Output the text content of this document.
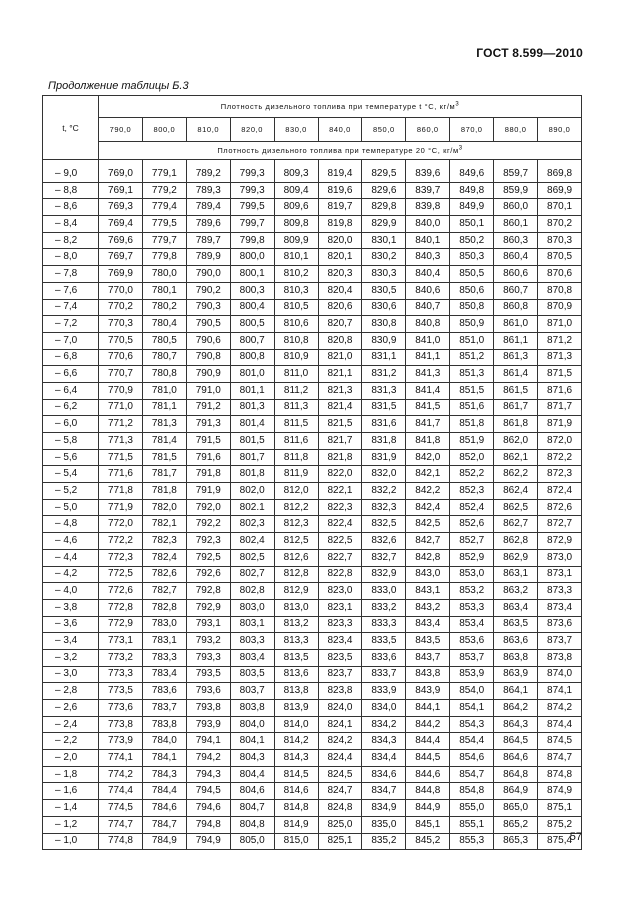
ГОСТ 8.599—2010
Продолжение таблицы Б.3
t, °C	Плотность дизельного топлива при температуре t °C, $кг/м^3$
	790,0	800,0	810,0	820,0	830,0	840,0	850,0	860,0	870,0	880,0	890,0
	Плотность дизельного топлива при температуре 20 °C, $кг/м^3$
– 9,0	769,0	779,1	789,2	799,3	809,3	819,4	829,5	839,6	849,6	859,7	869,8
– 8,8	769,1	779,2	789,3	799,3	809,4	819,6	829,6	839,7	849,8	859,9	869,9
– 8,6	769,3	779,4	789,4	799,5	809,6	819,7	829,8	839,8	849,9	860,0	870,1
– 8,4	769,4	779,5	789,6	799,7	809,8	819,8	829,9	840,0	850,1	860,1	870,2
– 8,2	769,6	779,7	789,7	799,8	809,9	820,0	830,1	840,1	850,2	860,3	870,3
– 8,0	769,7	779,8	789,9	800,0	810,1	820,1	830,2	840,3	850,3	860,4	870,5
– 7,8	769,9	780,0	790,0	800,1	810,2	820,3	830,3	840,4	850,5	860,6	870,6
– 7,6	770,0	780,1	790,2	800,3	810,3	820,4	830,5	840,6	850,6	860,7	870,8
– 7,4	770,2	780,2	790,3	800,4	810,5	820,6	830,6	840,7	850,8	860,8	870,9
– 7,2	770,3	780,4	790,5	800,5	810,6	820,7	830,8	840,8	850,9	861,0	871,0
– 7,0	770,5	780,5	790,6	800,7	810,8	820,8	830,9	841,0	851,0	861,1	871,2
– 6,8	770,6	780,7	790,8	800,8	810,9	821,0	831,1	841,1	851,2	861,3	871,3
– 6,6	770,7	780,8	790,9	801,0	811,0	821,1	831,2	841,3	851,3	861,4	871,5
– 6,4	770,9	781,0	791,0	801,1	811,2	821,3	831,3	841,4	851,5	861,5	871,6
– 6,2	771,0	781,1	791,2	801,3	811,3	821,4	831,5	841,5	851,6	861,7	871,7
– 6,0	771,2	781,3	791,3	801,4	811,5	821,5	831,6	841,7	851,8	861,8	871,9
– 5,8	771,3	781,4	791,5	801,5	811,6	821,7	831,8	841,8	851,9	862,0	872,0
– 5,6	771,5	781,5	791,6	801,7	811,8	821,8	831,9	842,0	852,0	862,1	872,2
– 5,4	771,6	781,7	791,8	801,8	811,9	822,0	832,0	842,1	852,2	862,2	872,3
– 5,2	771,8	781,8	791,9	802,0	812,0	822,1	832,2	842,2	852,3	862,4	872,4
– 5,0	771,9	782,0	792,0	802.1	812,2	822,3	832,3	842,4	852,4	862,5	872,6
– 4,8	772,0	782,1	792,2	802,3	812,3	822,4	832,5	842,5	852,6	862,7	872,7
– 4,6	772,2	782,3	792,3	802,4	812,5	822,5	832,6	842,7	852,7	862,8	872,9
– 4,4	772,3	782,4	792,5	802,5	812,6	822,7	832,7	842,8	852,9	862,9	873,0
– 4,2	772,5	782,6	792,6	802,7	812,8	822,8	832,9	843,0	853,0	863,1	873,1
– 4,0	772,6	782,7	792,8	802,8	812,9	823,0	833,0	843,1	853,2	863,2	873,3
– 3,8	772,8	782,8	792,9	803,0	813,0	823,1	833,2	843,2	853,3	863,4	873,4
– 3,6	772,9	783,0	793,1	803,1	813,2	823,3	833,3	843,4	853,4	863,5	873,6
– 3,4	773,1	783,1	793,2	803,3	813,3	823,4	833,5	843,5	853,6	863,6	873,7
– 3,2	773,2	783,3	793,3	803,4	813,5	823,5	833,6	843,7	853,7	863,8	873,8
– 3,0	773,3	783,4	793,5	803,5	813,6	823,7	833,7	843,8	853,9	863,9	874,0
– 2,8	773,5	783,6	793,6	803,7	813,8	823,8	833,9	843,9	854,0	864,1	874,1
– 2,6	773,6	783,7	793,8	803,8	813,9	824,0	834,0	844,1	854,1	864,2	874,2
– 2,4	773,8	783,8	793,9	804,0	814,0	824,1	834,2	844,2	854,3	864,3	874,4
– 2,2	773,9	784,0	794,1	804,1	814,2	824,2	834,3	844,4	854,4	864,5	874,5
– 2,0	774,1	784,1	794,2	804,3	814,3	824,4	834,4	844,5	854,6	864,6	874,7
– 1,8	774,2	784,3	794,3	804,4	814,5	824,5	834,6	844,6	854,7	864,8	874,8
– 1,6	774,4	784,4	794,5	804,6	814,6	824,7	834,7	844,8	854,8	864,9	874,9
– 1,4	774,5	784,6	794,6	804,7	814,8	824,8	834,9	844,9	855,0	865,0	875,1
– 1,2	774,7	784,7	794,8	804,8	814,9	825,0	835,0	845,1	855,1	865,2	875,2
– 1,0	774,8	784,9	794,9	805,0	815,0	825,1	835,2	845,2	855,3	865,3	875,4
57
